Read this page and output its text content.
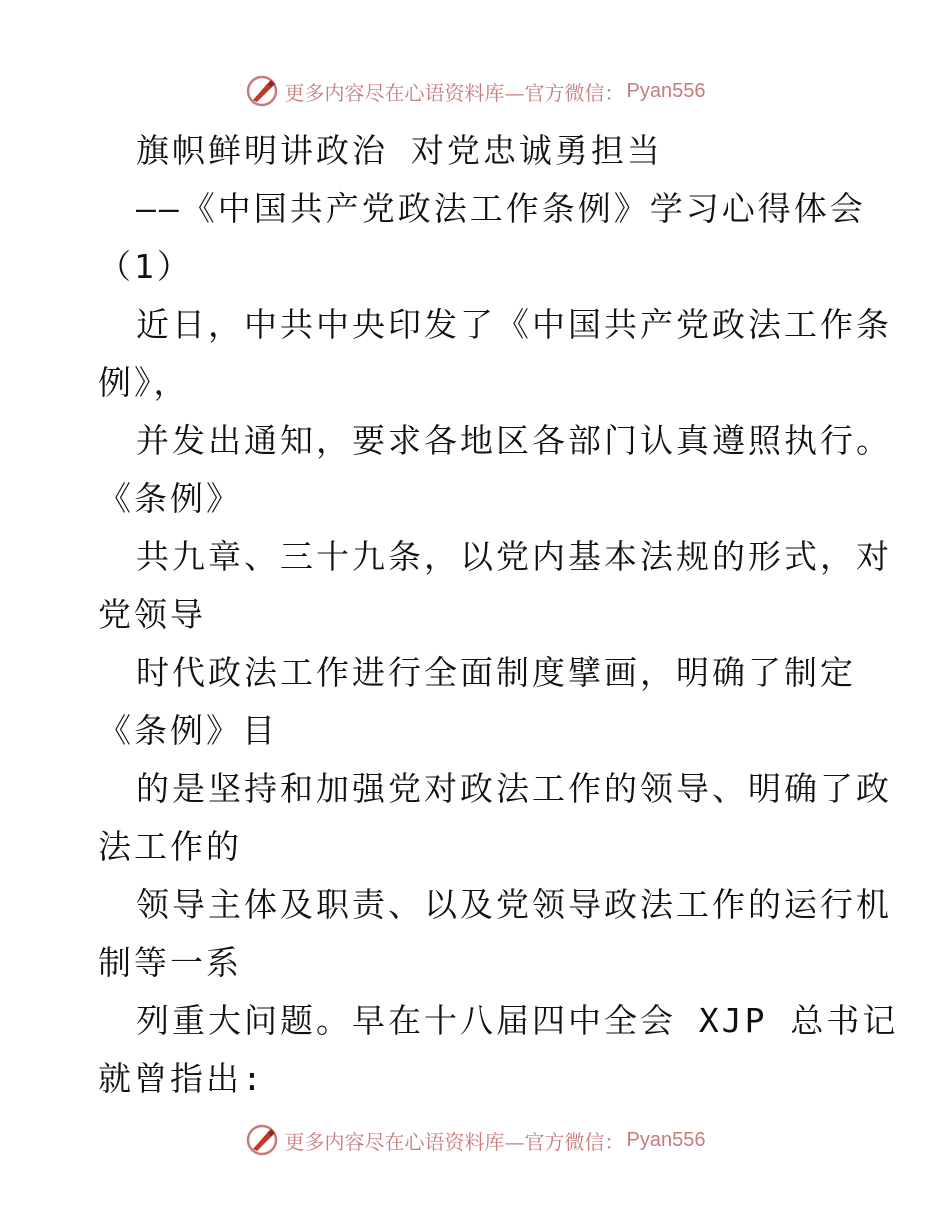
更多内容尽在心语资料库—官方微信： Pyan556
旗帜鲜明讲政治 对党忠诚勇担当
——《中国共产党政法工作条例》学习心得体会
（1）
近日，中共中央印发了《中国共产党政法工作条
例》，
并发出通知，要求各地区各部门认真遵照执行。
《条例》
共九章、三十九条，以党内基本法规的形式，对
党领导
时代政法工作进行全面制度擘画，明确了制定
《条例》目
的是坚持和加强党对政法工作的领导、明确了政
法工作的
领导主体及职责、以及党领导政法工作的运行机
制等一系
列重大问题。早在十八届四中全会 XJP 总书记
就曾指出:
更多内容尽在心语资料库—官方微信： Pyan556
